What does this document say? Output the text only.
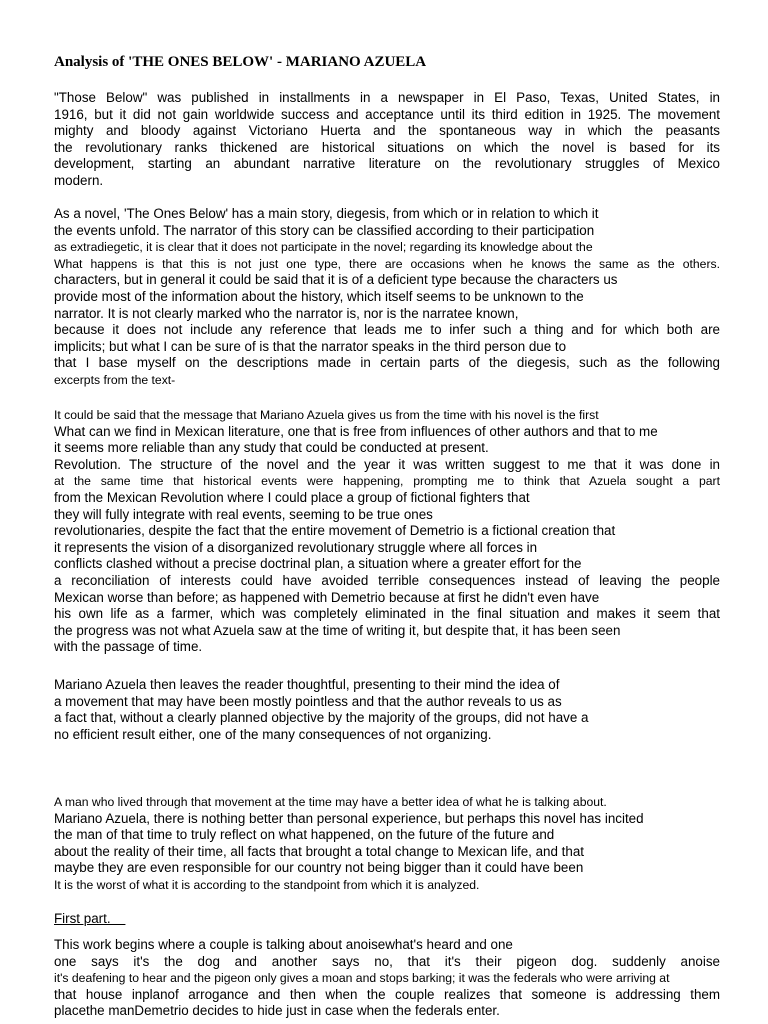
Analysis of 'THE ONES BELOW' - MARIANO AZUELA
"Those Below" was published in installments in a newspaper in El Paso, Texas, United States, in
1916, but it did not gain worldwide success and acceptance until its third edition in 1925. The movement
mighty and bloody against Victoriano Huerta and the spontaneous way in which the peasants
the revolutionary ranks thickened are historical situations on which the novel is based for its
development, starting an abundant narrative literature on the revolutionary struggles of Mexico
modern.
As a novel, 'The Ones Below' has a main story, diegesis, from which or in relation to which it
the events unfold. The narrator of this story can be classified according to their participation
as extradiegetic, it is clear that it does not participate in the novel; regarding its knowledge about the
What happens is that this is not just one type, there are occasions when he knows the same as the others.
characters, but in general it could be said that it is of a deficient type because the characters us
provide most of the information about the history, which itself seems to be unknown to the
narrator. It is not clearly marked who the narrator is, nor is the narratee known,
because it does not include any reference that leads me to infer such a thing and for which both are
implicits; but what I can be sure of is that the narrator speaks in the third person due to
that I base myself on the descriptions made in certain parts of the diegesis, such as the following
excerpts from the text-
It could be said that the message that Mariano Azuela gives us from the time with his novel is the first
What can we find in Mexican literature, one that is free from influences of other authors and that to me
it seems more reliable than any study that could be conducted at present.
Revolution. The structure of the novel and the year it was written suggest to me that it was done in
at the same time that historical events were happening, prompting me to think that Azuela sought a part
from the Mexican Revolution where I could place a group of fictional fighters that
they will fully integrate with real events, seeming to be true ones
revolutionaries, despite the fact that the entire movement of Demetrio is a fictional creation that
it represents the vision of a disorganized revolutionary struggle where all forces in
conflicts clashed without a precise doctrinal plan, a situation where a greater effort for the
a reconciliation of interests could have avoided terrible consequences instead of leaving the people
Mexican worse than before; as happened with Demetrio because at first he didn't even have
his own life as a farmer, which was completely eliminated in the final situation and makes it seem that
the progress was not what Azuela saw at the time of writing it, but despite that, it has been seen
with the passage of time.
Mariano Azuela then leaves the reader thoughtful, presenting to their mind the idea of
a movement that may have been mostly pointless and that the author reveals to us as
a fact that, without a clearly planned objective by the majority of the groups, did not have a
no efficient result either, one of the many consequences of not organizing.
A man who lived through that movement at the time may have a better idea of what he is talking about.
Mariano Azuela, there is nothing better than personal experience, but perhaps this novel has incited
the man of that time to truly reflect on what happened, on the future of the future and
about the reality of their time, all facts that brought a total change to Mexican life, and that
maybe they are even responsible for our country not being bigger than it could have been
It is the worst of what it is according to the standpoint from which it is analyzed.
First part.
This work begins where a couple is talking about anoisewhat's heard and one
one says it's the dog and another says no, that it's their pigeon dog. suddenly anoise
it's deafening to hear and the pigeon only gives a moan and stops barking; it was the federals who were arriving at
that house inplanof arrogance and then when the couple realizes that someone is addressing them
placethe manDemetrio decides to hide just in case when the federals enter.
